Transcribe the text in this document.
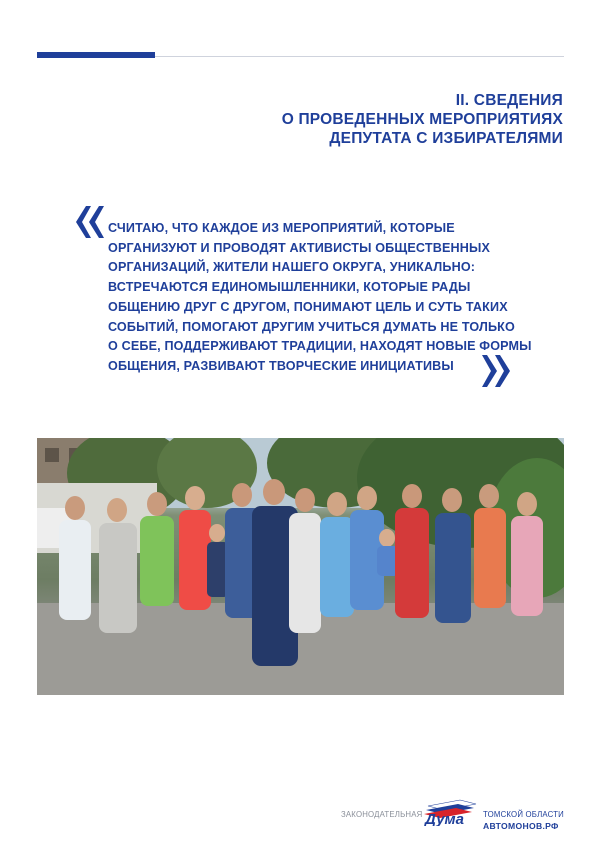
II. СВЕДЕНИЯ
О ПРОВЕДЕННЫХ МЕРОПРИЯТИЯХ
ДЕПУТАТА С ИЗБИРАТЕЛЯМИ
СЧИТАЮ, ЧТО КАЖДОЕ ИЗ МЕРОПРИЯТИЙ, КОТОРЫЕ
ОРГАНИЗУЮТ И ПРОВОДЯТ АКТИВИСТЫ ОБЩЕСТВЕННЫХ
ОРГАНИЗАЦИЙ, ЖИТЕЛИ НАШЕГО ОКРУГА, УНИКАЛЬНО:
ВСТРЕЧАЮТСЯ ЕДИНОМЫШЛЕННИКИ, КОТОРЫЕ РАДЫ
ОБЩЕНИЮ ДРУГ С ДРУГОМ, ПОНИМАЮТ ЦЕЛЬ И СУТЬ ТАКИХ
СОБЫТИЙ, ПОМОГАЮТ ДРУГИМ УЧИТЬСЯ ДУМАТЬ НЕ ТОЛЬКО
О СЕБЕ, ПОДДЕРЖИВАЮТ ТРАДИЦИИ, НАХОДЯТ НОВЫЕ ФОРМЫ
ОБЩЕНИЯ, РАЗВИВАЮТ ТВОРЧЕСКИЕ ИНИЦИАТИВЫ
ЗАКОНОДАТЕЛЬНАЯ Дума ТОМСКОЙ ОБЛАСТИ
АВТОМОНОВ.РФ
